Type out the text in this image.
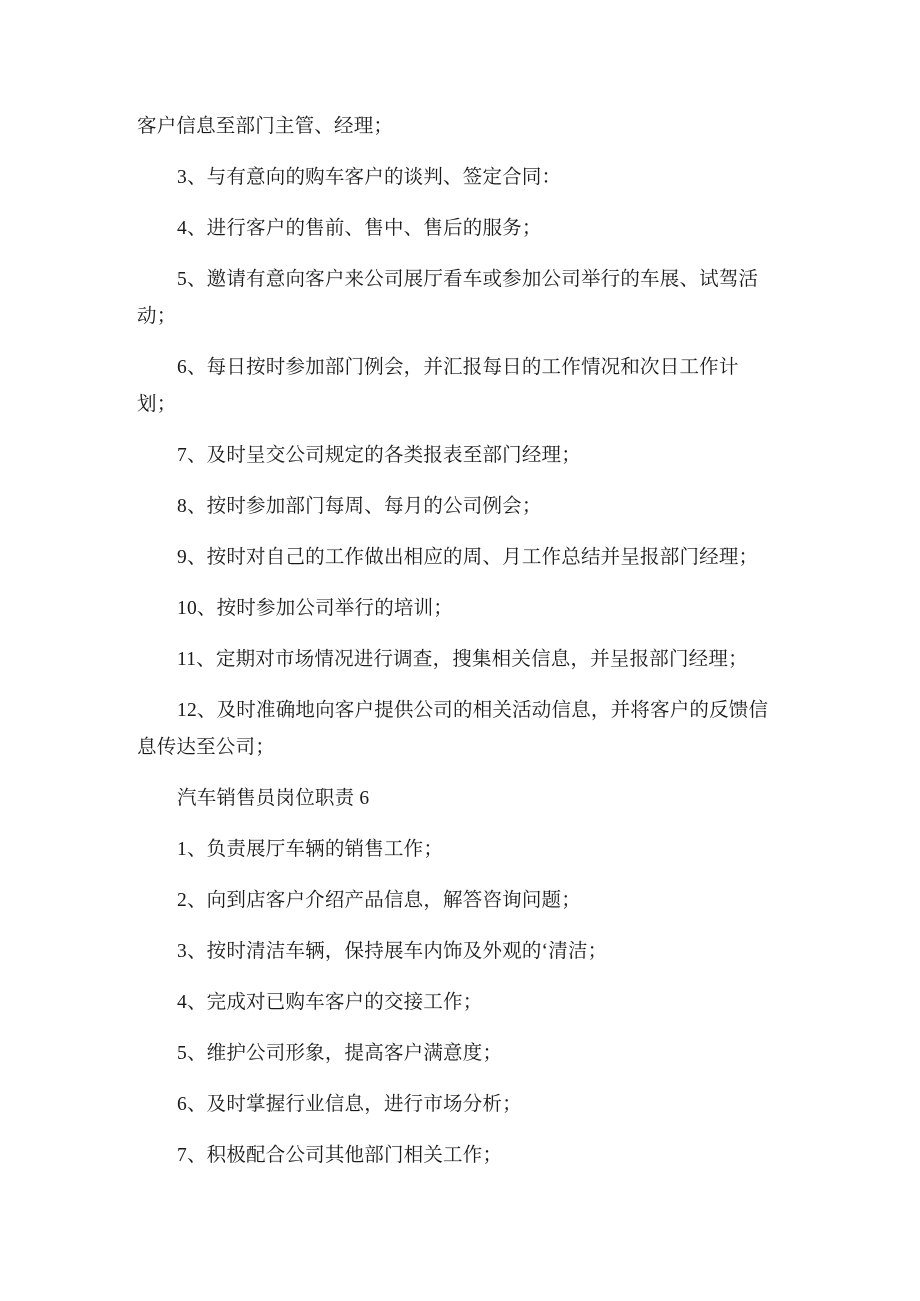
客户信息至部门主管、经理；
3、与有意向的购车客户的谈判、签定合同：
4、进行客户的售前、售中、售后的服务；
5、邀请有意向客户来公司展厅看车或参加公司举行的车展、试驾活
动；
6、每日按时参加部门例会，并汇报每日的工作情况和次日工作计
划；
7、及时呈交公司规定的各类报表至部门经理；
8、按时参加部门每周、每月的公司例会；
9、按时对自己的工作做出相应的周、月工作总结并呈报部门经理；
10、按时参加公司举行的培训；
11、定期对市场情况进行调查，搜集相关信息，并呈报部门经理；
12、及时准确地向客户提供公司的相关活动信息，并将客户的反馈信
息传达至公司；
汽车销售员岗位职责 6
1、负责展厅车辆的销售工作；
2、向到店客户介绍产品信息，解答咨询问题；
3、按时清洁车辆，保持展车内饰及外观的‘清洁；
4、完成对已购车客户的交接工作；
5、维护公司形象，提高客户满意度；
6、及时掌握行业信息，进行市场分析；
7、积极配合公司其他部门相关工作；
